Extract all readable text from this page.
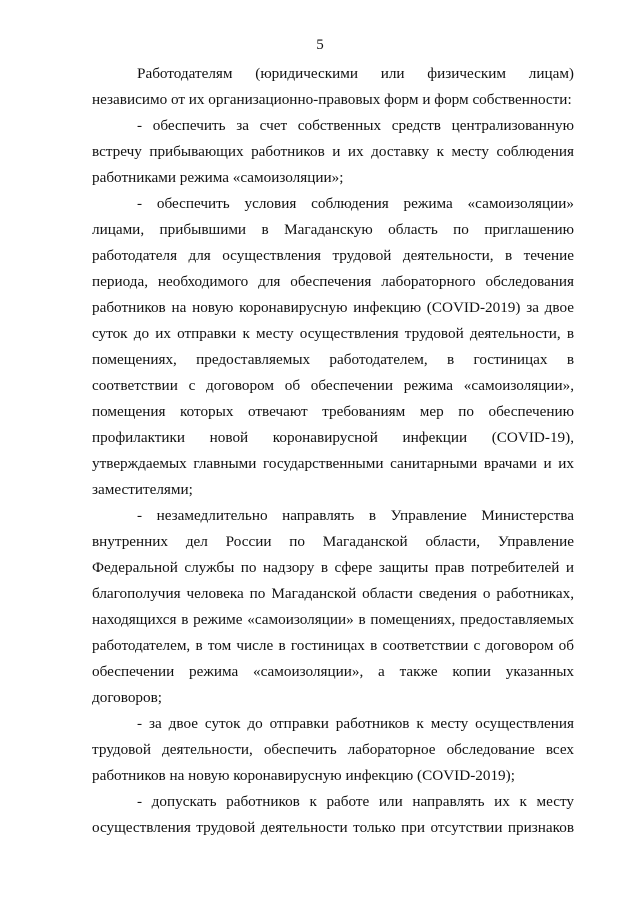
5

Работодателям (юридическими или физическим лицам) независимо от их организационно-правовых форм и форм собственности:

- обеспечить за счет собственных средств централизованную встречу прибывающих работников и их доставку к месту соблюдения работниками режима «самоизоляции»;

- обеспечить условия соблюдения режима «самоизоляции» лицами, прибывшими в Магаданскую область по приглашению работодателя для осуществления трудовой деятельности, в течение периода, необходимого для обеспечения лабораторного обследования работников на новую коронавирусную инфекцию (COVID-2019) за двое суток до их отправки к месту осуществления трудовой деятельности, в помещениях, предоставляемых работодателем, в гостиницах в соответствии с договором об обеспечении режима «самоизоляции», помещения которых отвечают требованиям мер по обеспечению профилактики новой коронавирусной инфекции (COVID-19), утверждаемых главными государственными санитарными врачами и их заместителями;

- незамедлительно направлять в Управление Министерства внутренних дел России по Магаданской области, Управление Федеральной службы по надзору в сфере защиты прав потребителей и благополучия человека по Магаданской области сведения о работниках, находящихся в режиме «самоизоляции» в помещениях, предоставляемых работодателем, в том числе в гостиницах в соответствии с договором об обеспечении режима «самоизоляции», а также копии указанных договоров;

- за двое суток до отправки работников к месту осуществления трудовой деятельности, обеспечить лабораторное обследование всех работников на новую коронавирусную инфекцию (COVID-2019);

- допускать работников к работе или направлять их к месту осуществления трудовой деятельности только при отсутствии признаков
